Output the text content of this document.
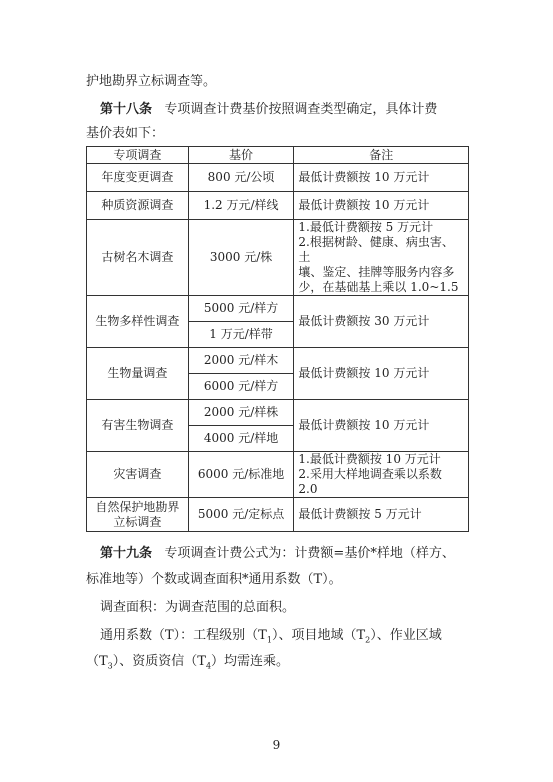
护地勘界立标调查等。
第十八条 专项调查计费基价按照调查类型确定，具体计费
基价表如下：
专项调查	基价	备注
年度变更调查	800 元/公顷	最低计费额按 10 万元计
种质资源调查	1.2 万元/样线	最低计费额按 10 万元计
古树名木调查	3000 元/株	1.最低计费额按 5 万元计
2.根据树龄、健康、病虫害、土
壤、鉴定、挂牌等服务内容多
少，在基础基上乘以 1.0~1.5

生物多样性调查	5000 元/样方	最低计费额按 30 万元计
	1 万元/样带	
生物量调查	2000 元/样木	最低计费额按 10 万元计
	6000 元/样方	
有害生物调查	2000 元/样株	最低计费额按 10 万元计
	4000 元/样地	
灾害调查	6000 元/标准地	1.最低计费额按 10 万元计
2.采用大样地调查乘以系数 2.0

自然保护地勘界
立标调查	5000 元/定标点	最低计费额按 5 万元计
第十九条 专项调查计费公式为：计费额=基价*样地（样方、
标准地等）个数或调查面积*通用系数（T）。
调查面积：为调查范围的总面积。
通用系数（T）：工程级别$(T_1)$、项目地域$(T_2)$、作业区域
$(T_3)$、资质资信$(T_4)$均需连乘。
9
